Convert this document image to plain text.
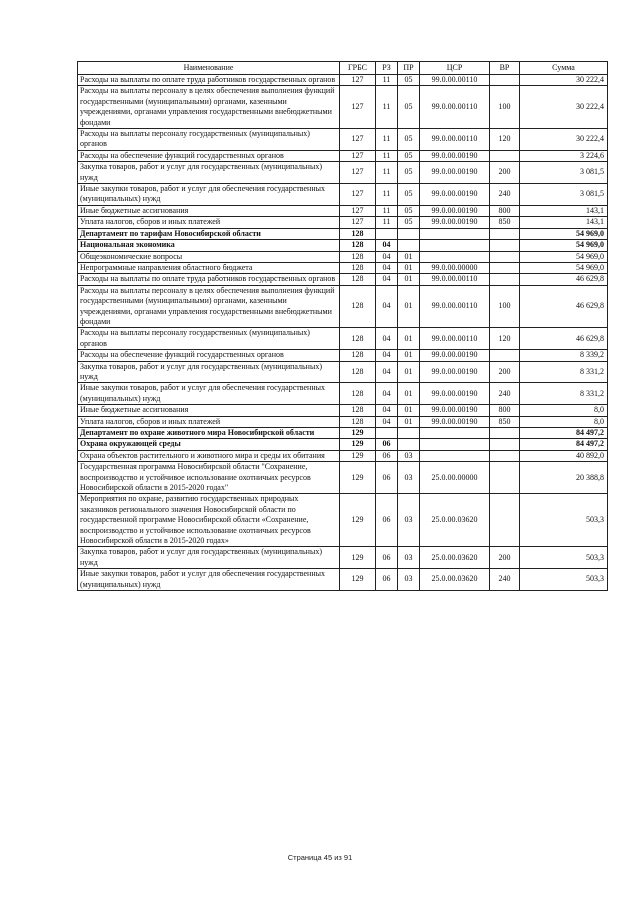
Наименование	ГРБС	РЗ	ПР	ЦСР	ВР	Сумма
Расходы на выплаты по оплате труда работников государственных органов	127	11	05	99.0.00.00110		30 222,4
Расходы на выплаты персоналу в целях обеспечения выполнения функций государственными (муниципальными) органами, казенными учреждениями, органами управления государственными внебюджетными фондами	127	11	05	99.0.00.00110	100	30 222,4
Расходы на выплаты персоналу государственных (муниципальных) органов	127	11	05	99.0.00.00110	120	30 222,4
Расходы на обеспечение функций государственных органов	127	11	05	99.0.00.00190		3 224,6
Закупка товаров, работ и услуг для государственных (муниципальных) нужд	127	11	05	99.0.00.00190	200	3 081,5
Иные закупки товаров, работ и услуг для обеспечения государственных (муниципальных) нужд	127	11	05	99.0.00.00190	240	3 081,5
Иные бюджетные ассигнования	127	11	05	99.0.00.00190	800	143,1
Уплата налогов, сборов и иных платежей	127	11	05	99.0.00.00190	850	143,1
Департамент по тарифам Новосибирской области	128					54 969,0
Национальная экономика	128	04				54 969,0
Общеэкономические вопросы	128	04	01			54 969,0
Непрограммные направления областного бюджета	128	04	01	99.0.00.00000		54 969,0
Расходы на выплаты по оплате труда работников государственных органов	128	04	01	99.0.00.00110		46 629,8
Расходы на выплаты персоналу в целях обеспечения выполнения функций государственными (муниципальными) органами, казенными учреждениями, органами управления государственными внебюджетными фондами	128	04	01	99.0.00.00110	100	46 629,8
Расходы на выплаты персоналу государственных (муниципальных) органов	128	04	01	99.0.00.00110	120	46 629,8
Расходы на обеспечение функций государственных органов	128	04	01	99.0.00.00190		8 339,2
Закупка товаров, работ и услуг для государственных (муниципальных) нужд	128	04	01	99.0.00.00190	200	8 331,2
Иные закупки товаров, работ и услуг для обеспечения государственных (муниципальных) нужд	128	04	01	99.0.00.00190	240	8 331,2
Иные бюджетные ассигнования	128	04	01	99.0.00.00190	800	8,0
Уплата налогов, сборов и иных платежей	128	04	01	99.0.00.00190	850	8,0
Департамент по охране животного мира Новосибирской области	129					84 497,2
Охрана окружающей среды	129	06				84 497,2
Охрана объектов растительного и животного мира и среды их обитания	129	06	03			40 892,0
Государственная программа Новосибирской области "Сохранение, воспроизводство и устойчивое использование охотничьих ресурсов Новосибирской области в 2015-2020 годах"	129	06	03	25.0.00.00000		20 388,8
Мероприятия по охране, развитию государственных природных заказников регионального значения Новосибирской области по государственной программе Новосибирской области «Сохранение, воспроизводство и устойчивое использование охотничьих ресурсов Новосибирской области в 2015-2020 годах»	129	06	03	25.0.00.03620		503,3
Закупка товаров, работ и услуг для государственных (муниципальных) нужд	129	06	03	25.0.00.03620	200	503,3
Иные закупки товаров, работ и услуг для обеспечения государственных (муниципальных) нужд	129	06	03	25.0.00.03620	240	503,3
Страница 45 из 91
